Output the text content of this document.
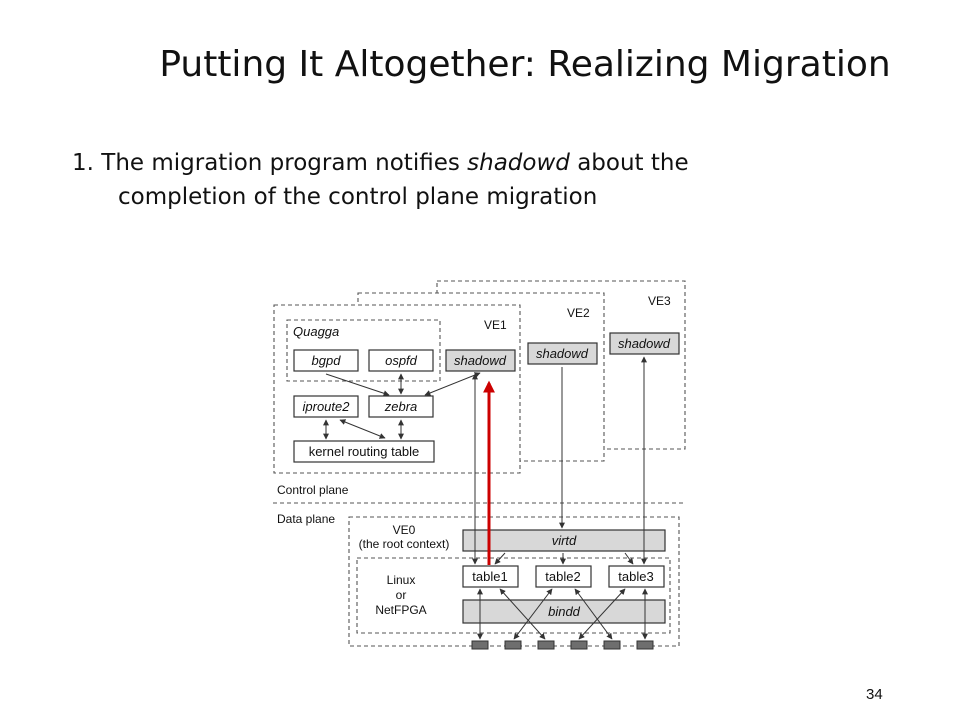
Putting It Altogether: Realizing Migration
1. The migration program notifies shadowd about the
completion of the control plane migration
VE3
shadowd
VE2
shadowd
VE1
Quagga
bgpd	ospfd	shadowd
iproute2	zebra
kernel routing table
Control plane
Data plane
VE0
(the root context)	virtd
Linux
or
NetFPGA
table1	table2	table3
bindd
34
